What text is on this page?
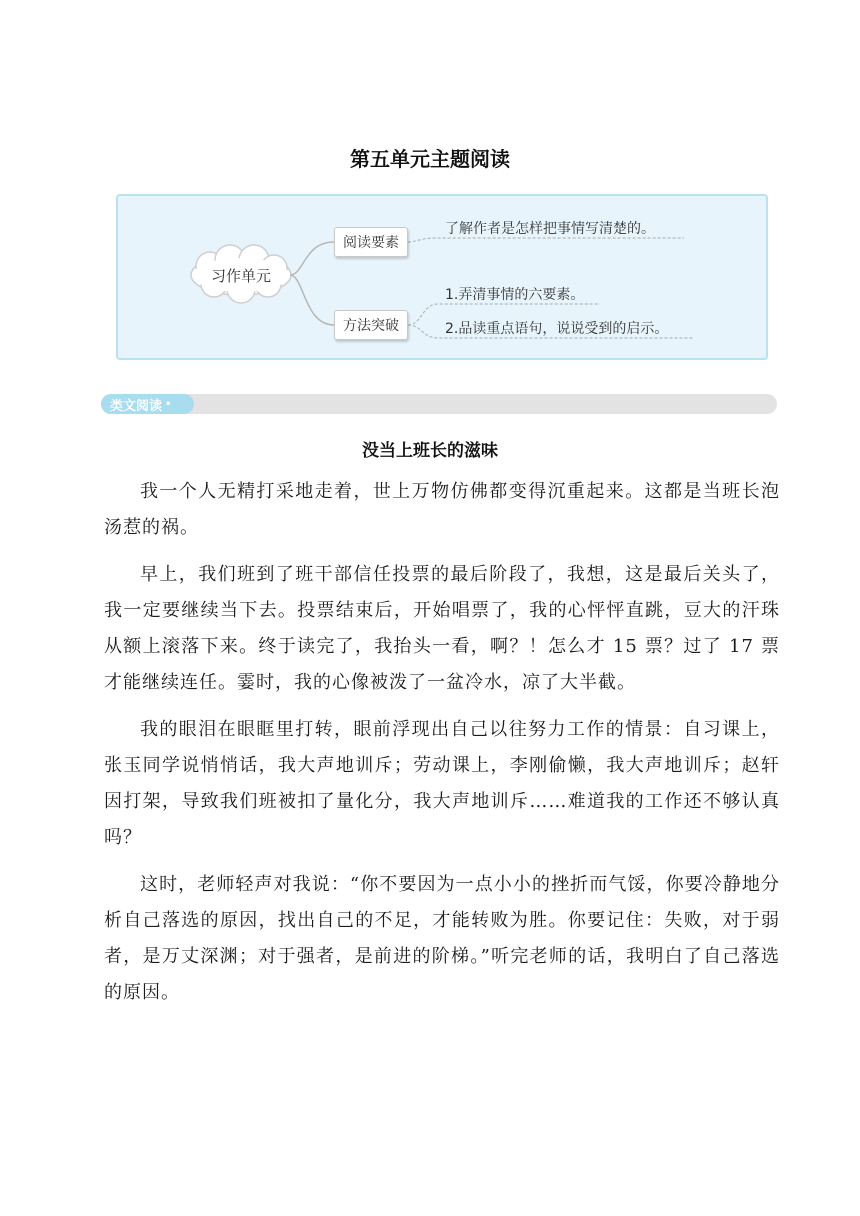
第五单元主题阅读
习作单元
阅读要素
方法突破
了解作者是怎样把事情写清楚的。
1.弄清事情的六要素。
2.品读重点语句，说说受到的启示。
类文阅读 •
没当上班长的滋味

我一个人无精打采地走着，世上万物仿佛都变得沉重起来。这都是当班长泡汤惹的祸。

早上，我们班到了班干部信任投票的最后阶段了，我想，这是最后关头了，我一定要继续当下去。投票结束后，开始唱票了，我的心怦怦直跳，豆大的汗珠从额上滚落下来。终于读完了，我抬头一看，啊？！怎么才 15 票？过了 17 票才能继续连任。霎时，我的心像被泼了一盆冷水，凉了大半截。

我的眼泪在眼眶里打转，眼前浮现出自己以往努力工作的情景：自习课上，张玉同学说悄悄话，我大声地训斥；劳动课上，李刚偷懒，我大声地训斥；赵轩因打架，导致我们班被扣了量化分，我大声地训斥……难道我的工作还不够认真吗？

这时，老师轻声对我说：“你不要因为一点小小的挫折而气馁，你要冷静地分析自己落选的原因，找出自己的不足，才能转败为胜。你要记住：失败，对于弱者，是万丈深渊；对于强者，是前进的阶梯。”听完老师的话，我明白了自己落选的原因。
